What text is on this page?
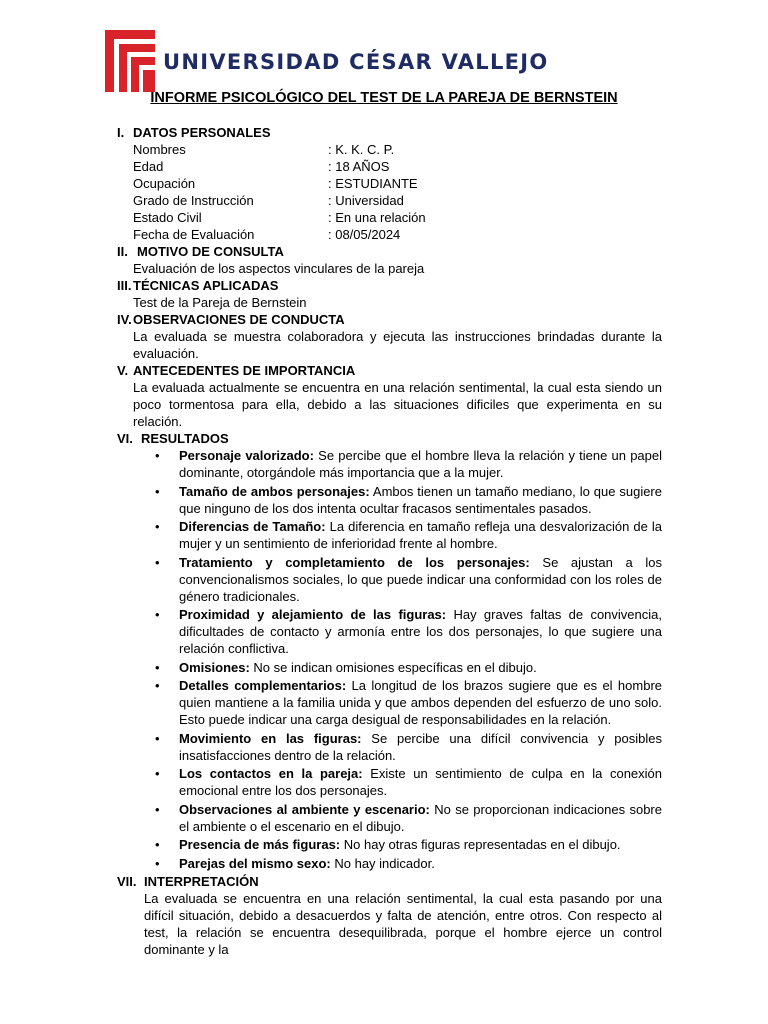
UNIVERSIDAD CÉSAR VALLEJO
INFORME PSICOLÓGICO DEL TEST DE LA PAREJA DE BERNSTEIN
I. DATOS PERSONALES
Nombres	: K. K. C. P.
Edad	: 18 AÑOS
Ocupación	: ESTUDIANTE
Grado de Instrucción	: Universidad
Estado Civil	: En una relación
Fecha de Evaluación	: 08/05/2024
II. MOTIVO DE CONSULTA
Evaluación de los aspectos vinculares de la pareja
III. TÉCNICAS APLICADAS
Test de la Pareja de Bernstein
IV. OBSERVACIONES DE CONDUCTA
La evaluada se muestra colaboradora y ejecuta las instrucciones brindadas durante la evaluación.
V. ANTECEDENTES DE IMPORTANCIA
La evaluada actualmente se encuentra en una relación sentimental, la cual esta siendo un poco tormentosa para ella, debido a las situaciones dificiles que experimenta en su relación.
VI. RESULTADOS
• Personaje valorizado: Se percibe que el hombre lleva la relación y tiene un papel dominante, otorgándole más importancia que a la mujer.
• Tamaño de ambos personajes: Ambos tienen un tamaño mediano, lo que sugiere que ninguno de los dos intenta ocultar fracasos sentimentales pasados.
• Diferencias de Tamaño: La diferencia en tamaño refleja una desvalorización de la mujer y un sentimiento de inferioridad frente al hombre.
• Tratamiento y completamiento de los personajes: Se ajustan a los convencionalismos sociales, lo que puede indicar una conformidad con los roles de género tradicionales.
• Proximidad y alejamiento de las figuras: Hay graves faltas de convivencia, dificultades de contacto y armonía entre los dos personajes, lo que sugiere una relación conflictiva.
• Omisiones: No se indican omisiones específicas en el dibujo.
• Detalles complementarios: La longitud de los brazos sugiere que es el hombre quien mantiene a la familia unida y que ambos dependen del esfuerzo de uno solo. Esto puede indicar una carga desigual de responsabilidades en la relación.
• Movimiento en las figuras: Se percibe una difícil convivencia y posibles insatisfacciones dentro de la relación.
• Los contactos en la pareja: Existe un sentimiento de culpa en la conexión emocional entre los dos personajes.
• Observaciones al ambiente y escenario: No se proporcionan indicaciones sobre el ambiente o el escenario en el dibujo.
• Presencia de más figuras: No hay otras figuras representadas en el dibujo.
• Parejas del mismo sexo: No hay indicador.
VII. INTERPRETACIÓN
La evaluada se encuentra en una relación sentimental, la cual esta pasando por una difícil situación, debido a desacuerdos y falta de atención, entre otros. Con respecto al test, la relación se encuentra desequilibrada, porque el hombre ejerce un control dominante y la
